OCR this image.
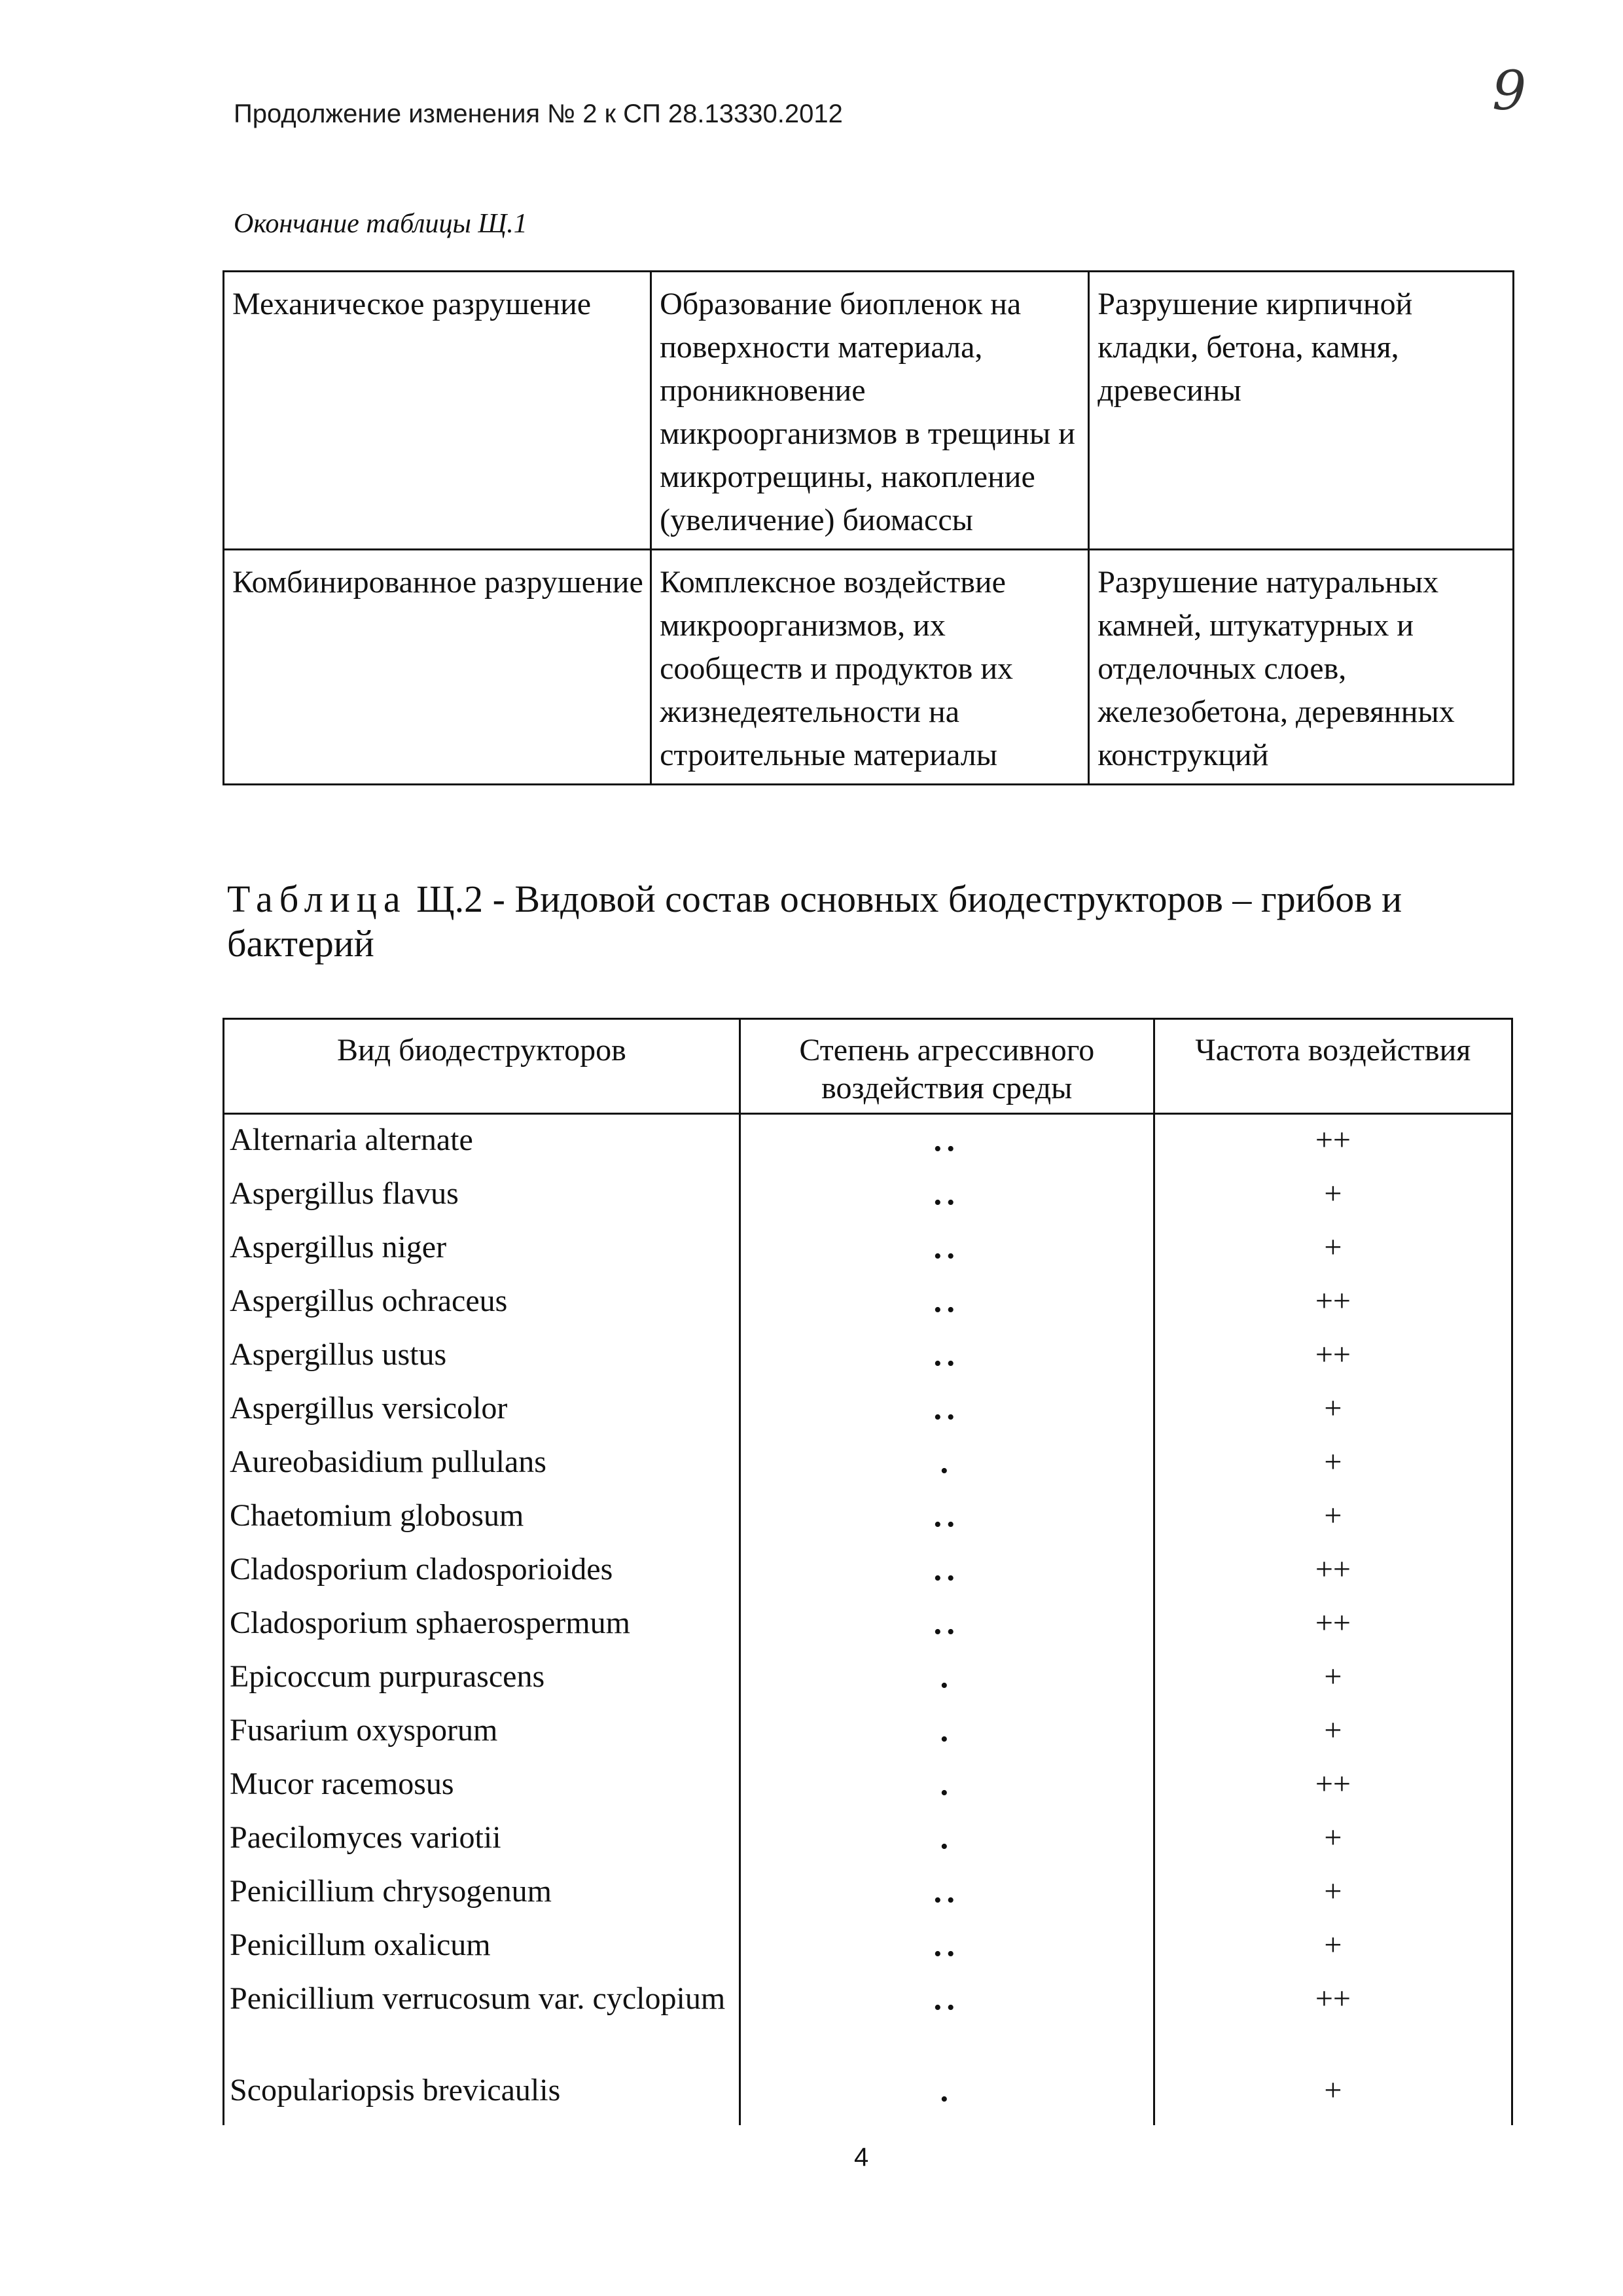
Продолжение изменения № 2 к СП 28.13330.2012	9
Окончание таблицы Щ.1
Механическое разрушение	Образование биопленок на поверхности материала, проникновение микроорганизмов в трещины и микротрещины, накопление (увеличение) биомассы	Разрушение кирпичной кладки, бетона, камня, древесины
Комбинированное разрушение	Комплексное воздействие микроорганизмов, их сообществ и продуктов их жизнедеятельности на строительные материалы	Разрушение натуральных камней, штукатурных и отделочных слоев, железобетона, деревянных конструкций
Таблица Щ.2 - Видовой состав основных биодеструкторов – грибов и бактерий
Вид биодеструкторов	Степень агрессивного воздействия среды	Частота воздействия
Alternaria alternate	••	++
Aspergillus flavus	••	+
Aspergillus niger	••	+
Aspergillus ochraceus	••	++
Aspergillus ustus	••	++
Aspergillus versicolor	••	+
Aureobasidium pullulans	•	+
Chaetomium globosum	••	+
Cladosporium cladosporioides	••	++
Cladosporium sphaerospermum	••	++
Epicoccum purpurascens	•	+
Fusarium oxysporum	•	+
Mucor racemosus	•	++
Paecilomyces variotii	•	+
Penicillium chrysogenum	••	+
Penicillum oxalicum	••	+
Penicillium verrucosum var. cyclopium	••	++
Scopulariopsis brevicaulis	•	+
4
